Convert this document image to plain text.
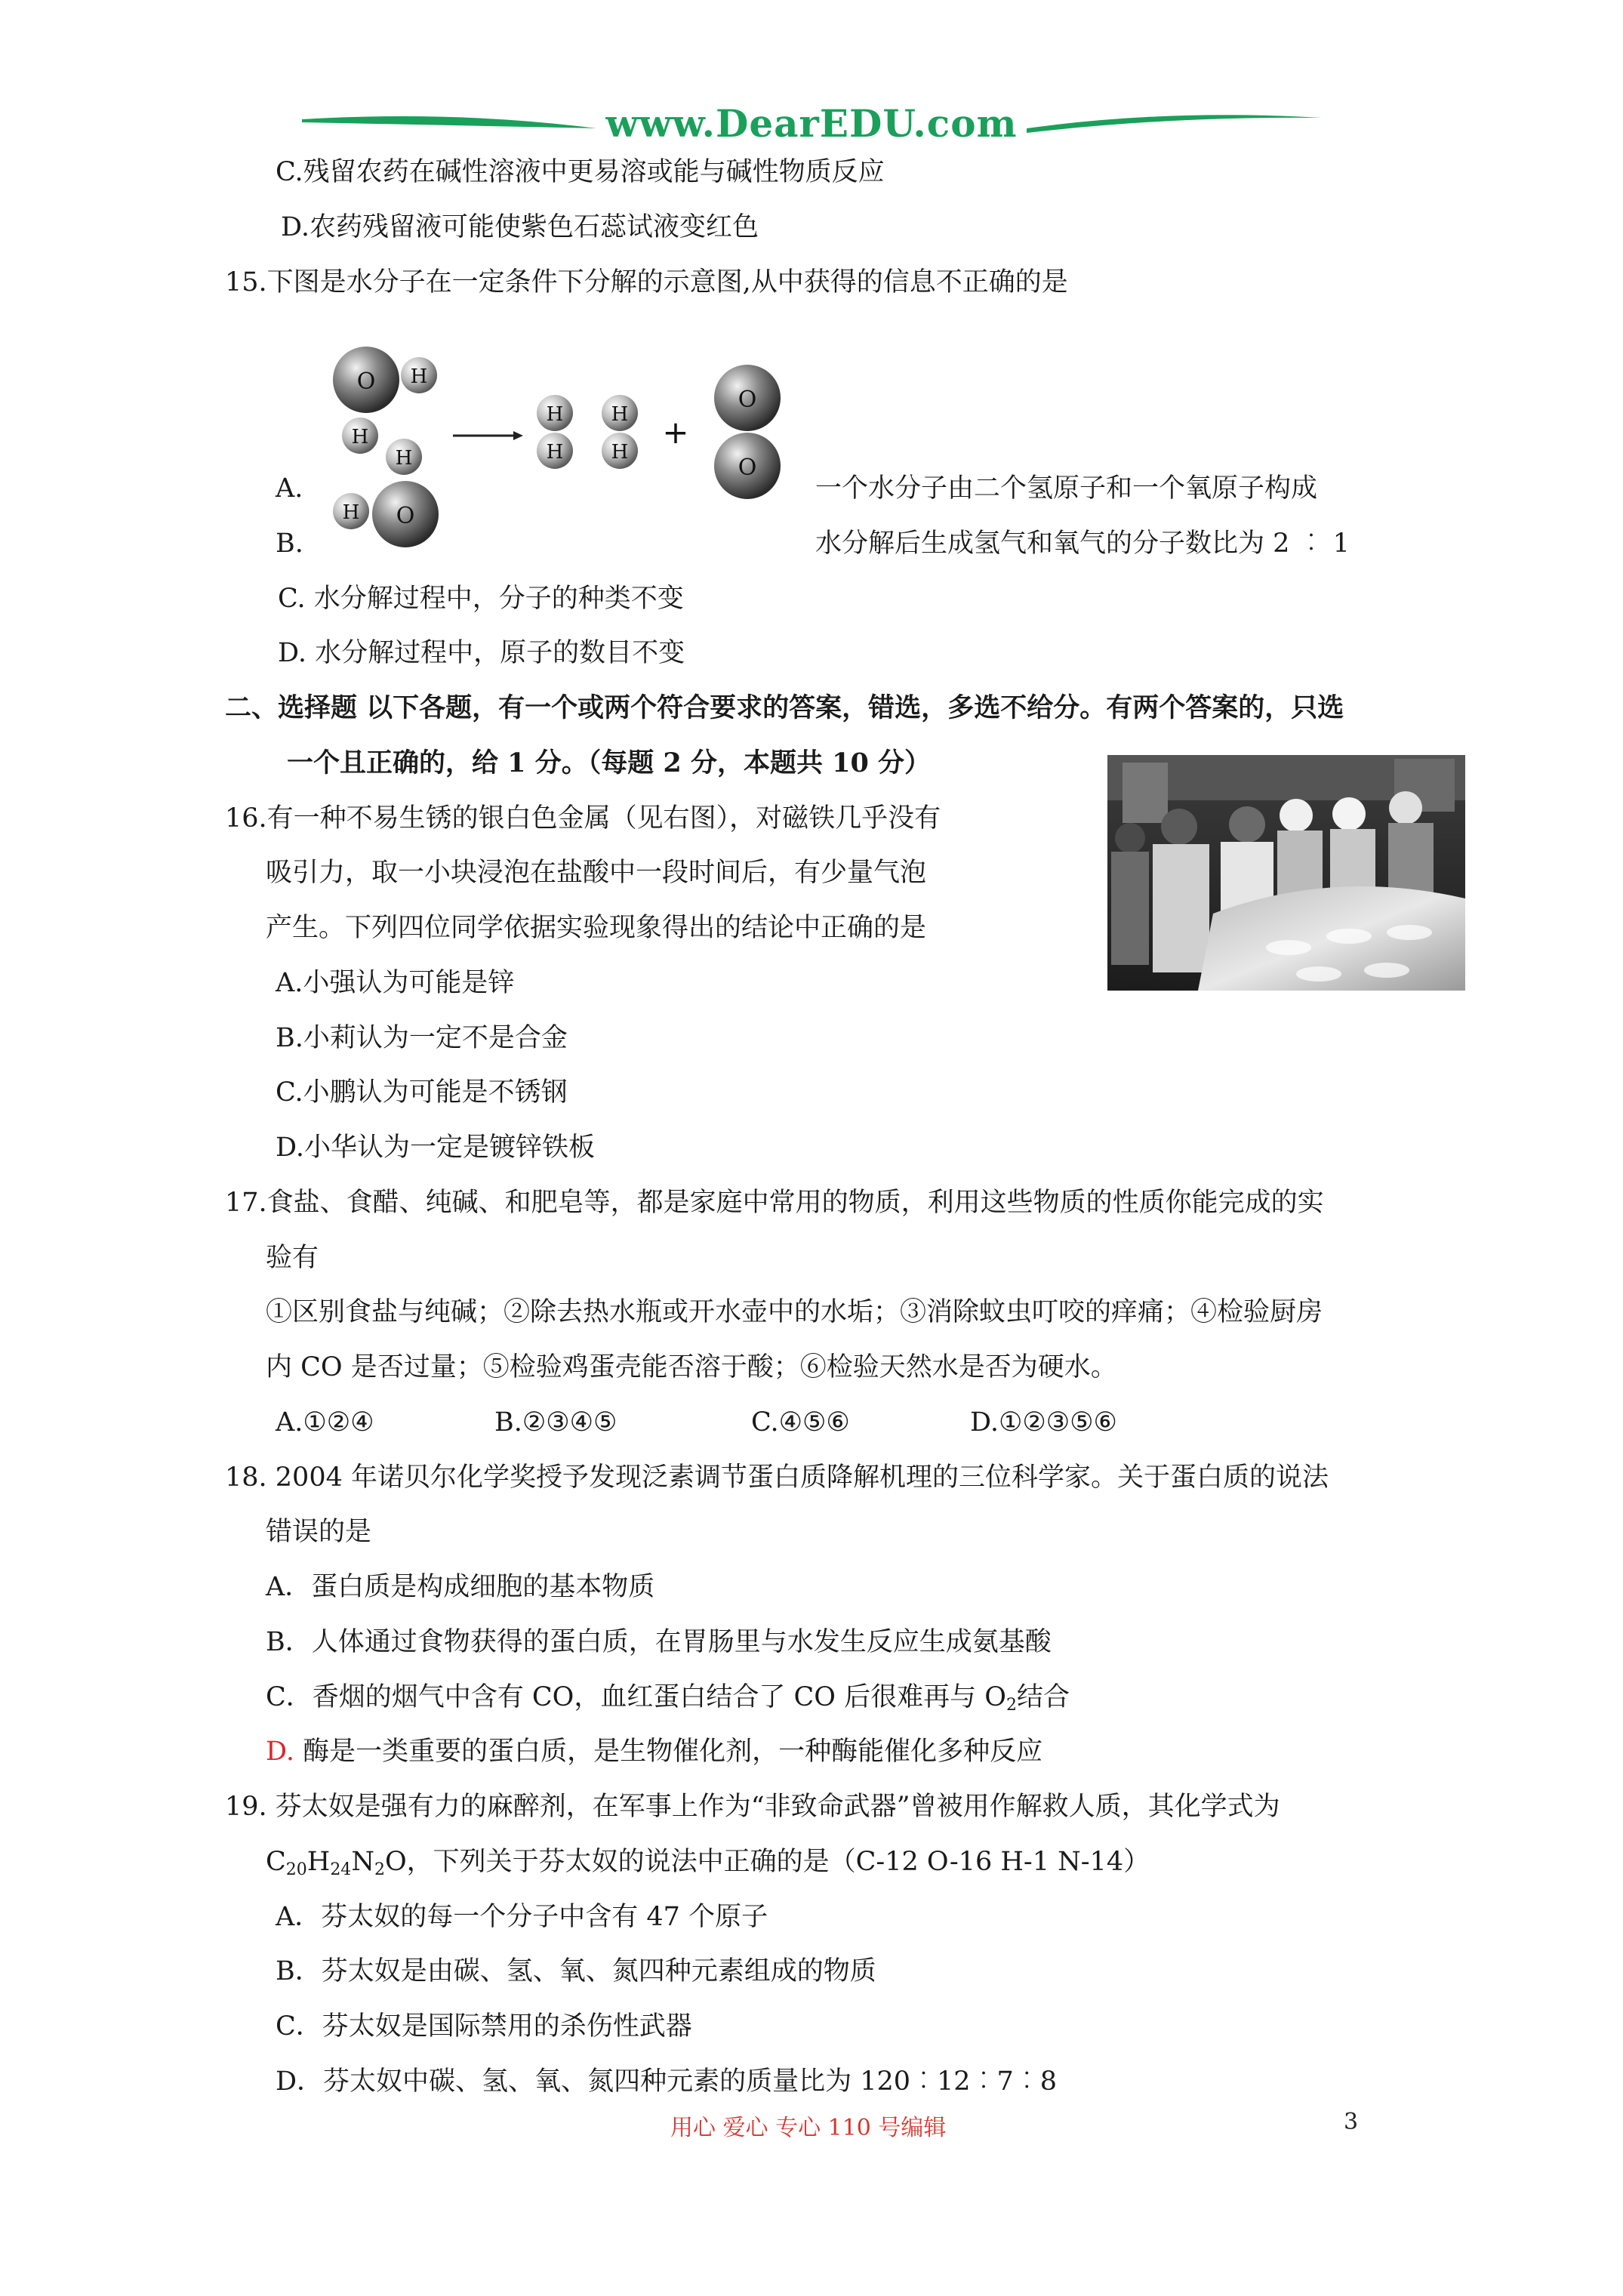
www.DearEDU.com
C.残留农药在碱性溶液中更易溶或能与碱性物质反应
D.农药残留液可能使紫色石蕊试液变红色
15.下图是水分子在一定条件下分解的示意图,从中获得的信息不正确的是
O H
H
H
H O
H
H
H
H
+
O
O
A.	一个水分子由二个氢原子和一个氧原子构成
B.	水分解后生成氢气和氧气的分子数比为 2 ︰ 1
C. 水分解过程中，分子的种类不变
D. 水分解过程中，原子的数目不变
二、选择题 以下各题，有一个或两个符合要求的答案，错选，多选不给分。有两个答案的，只选
一个且正确的，给 1 分。（每题 2 分，本题共 10 分）
16.有一种不易生锈的银白色金属（见右图），对磁铁几乎没有
吸引力，取一小块浸泡在盐酸中一段时间后，有少量气泡
产生。下列四位同学依据实验现象得出的结论中正确的是
A.小强认为可能是锌
B.小莉认为一定不是合金
C.小鹏认为可能是不锈钢
D.小华认为一定是镀锌铁板
17.食盐、食醋、纯碱、和肥皂等，都是家庭中常用的物质，利用这些物质的性质你能完成的实
验有
①区别食盐与纯碱；②除去热水瓶或开水壶中的水垢；③消除蚊虫叮咬的痒痛；④检验厨房
内 CO 是否过量；⑤检验鸡蛋壳能否溶于酸；⑥检验天然水是否为硬水。
A.①②④	B.②③④⑤	C.④⑤⑥	D.①②③⑤⑥
18. 2004 年诺贝尔化学奖授予发现泛素调节蛋白质降解机理的三位科学家。关于蛋白质的说法
错误的是
A．蛋白质是构成细胞的基本物质
B．人体通过食物获得的蛋白质，在胃肠里与水发生反应生成氨基酸
C．香烟的烟气中含有 CO，血红蛋白结合了 CO 后很难再与 $O_2$结合
D. 酶是一类重要的蛋白质，是生物催化剂，一种酶能催化多种反应
19. 芬太奴是强有力的麻醉剂，在军事上作为“非致命武器”曾被用作解救人质，其化学式为
$C_{20}H_{24}N_2O$，下列关于芬太奴的说法中正确的是（C-12 O-16 H-1 N-14）
A．芬太奴的每一个分子中含有 47 个原子
B．芬太奴是由碳、氢、氧、氮四种元素组成的物质
C．芬太奴是国际禁用的杀伤性武器
D．芬太奴中碳、氢、氧、氮四种元素的质量比为 120︰12︰7︰8
用心 爱心 专心 110 号编辑	3
